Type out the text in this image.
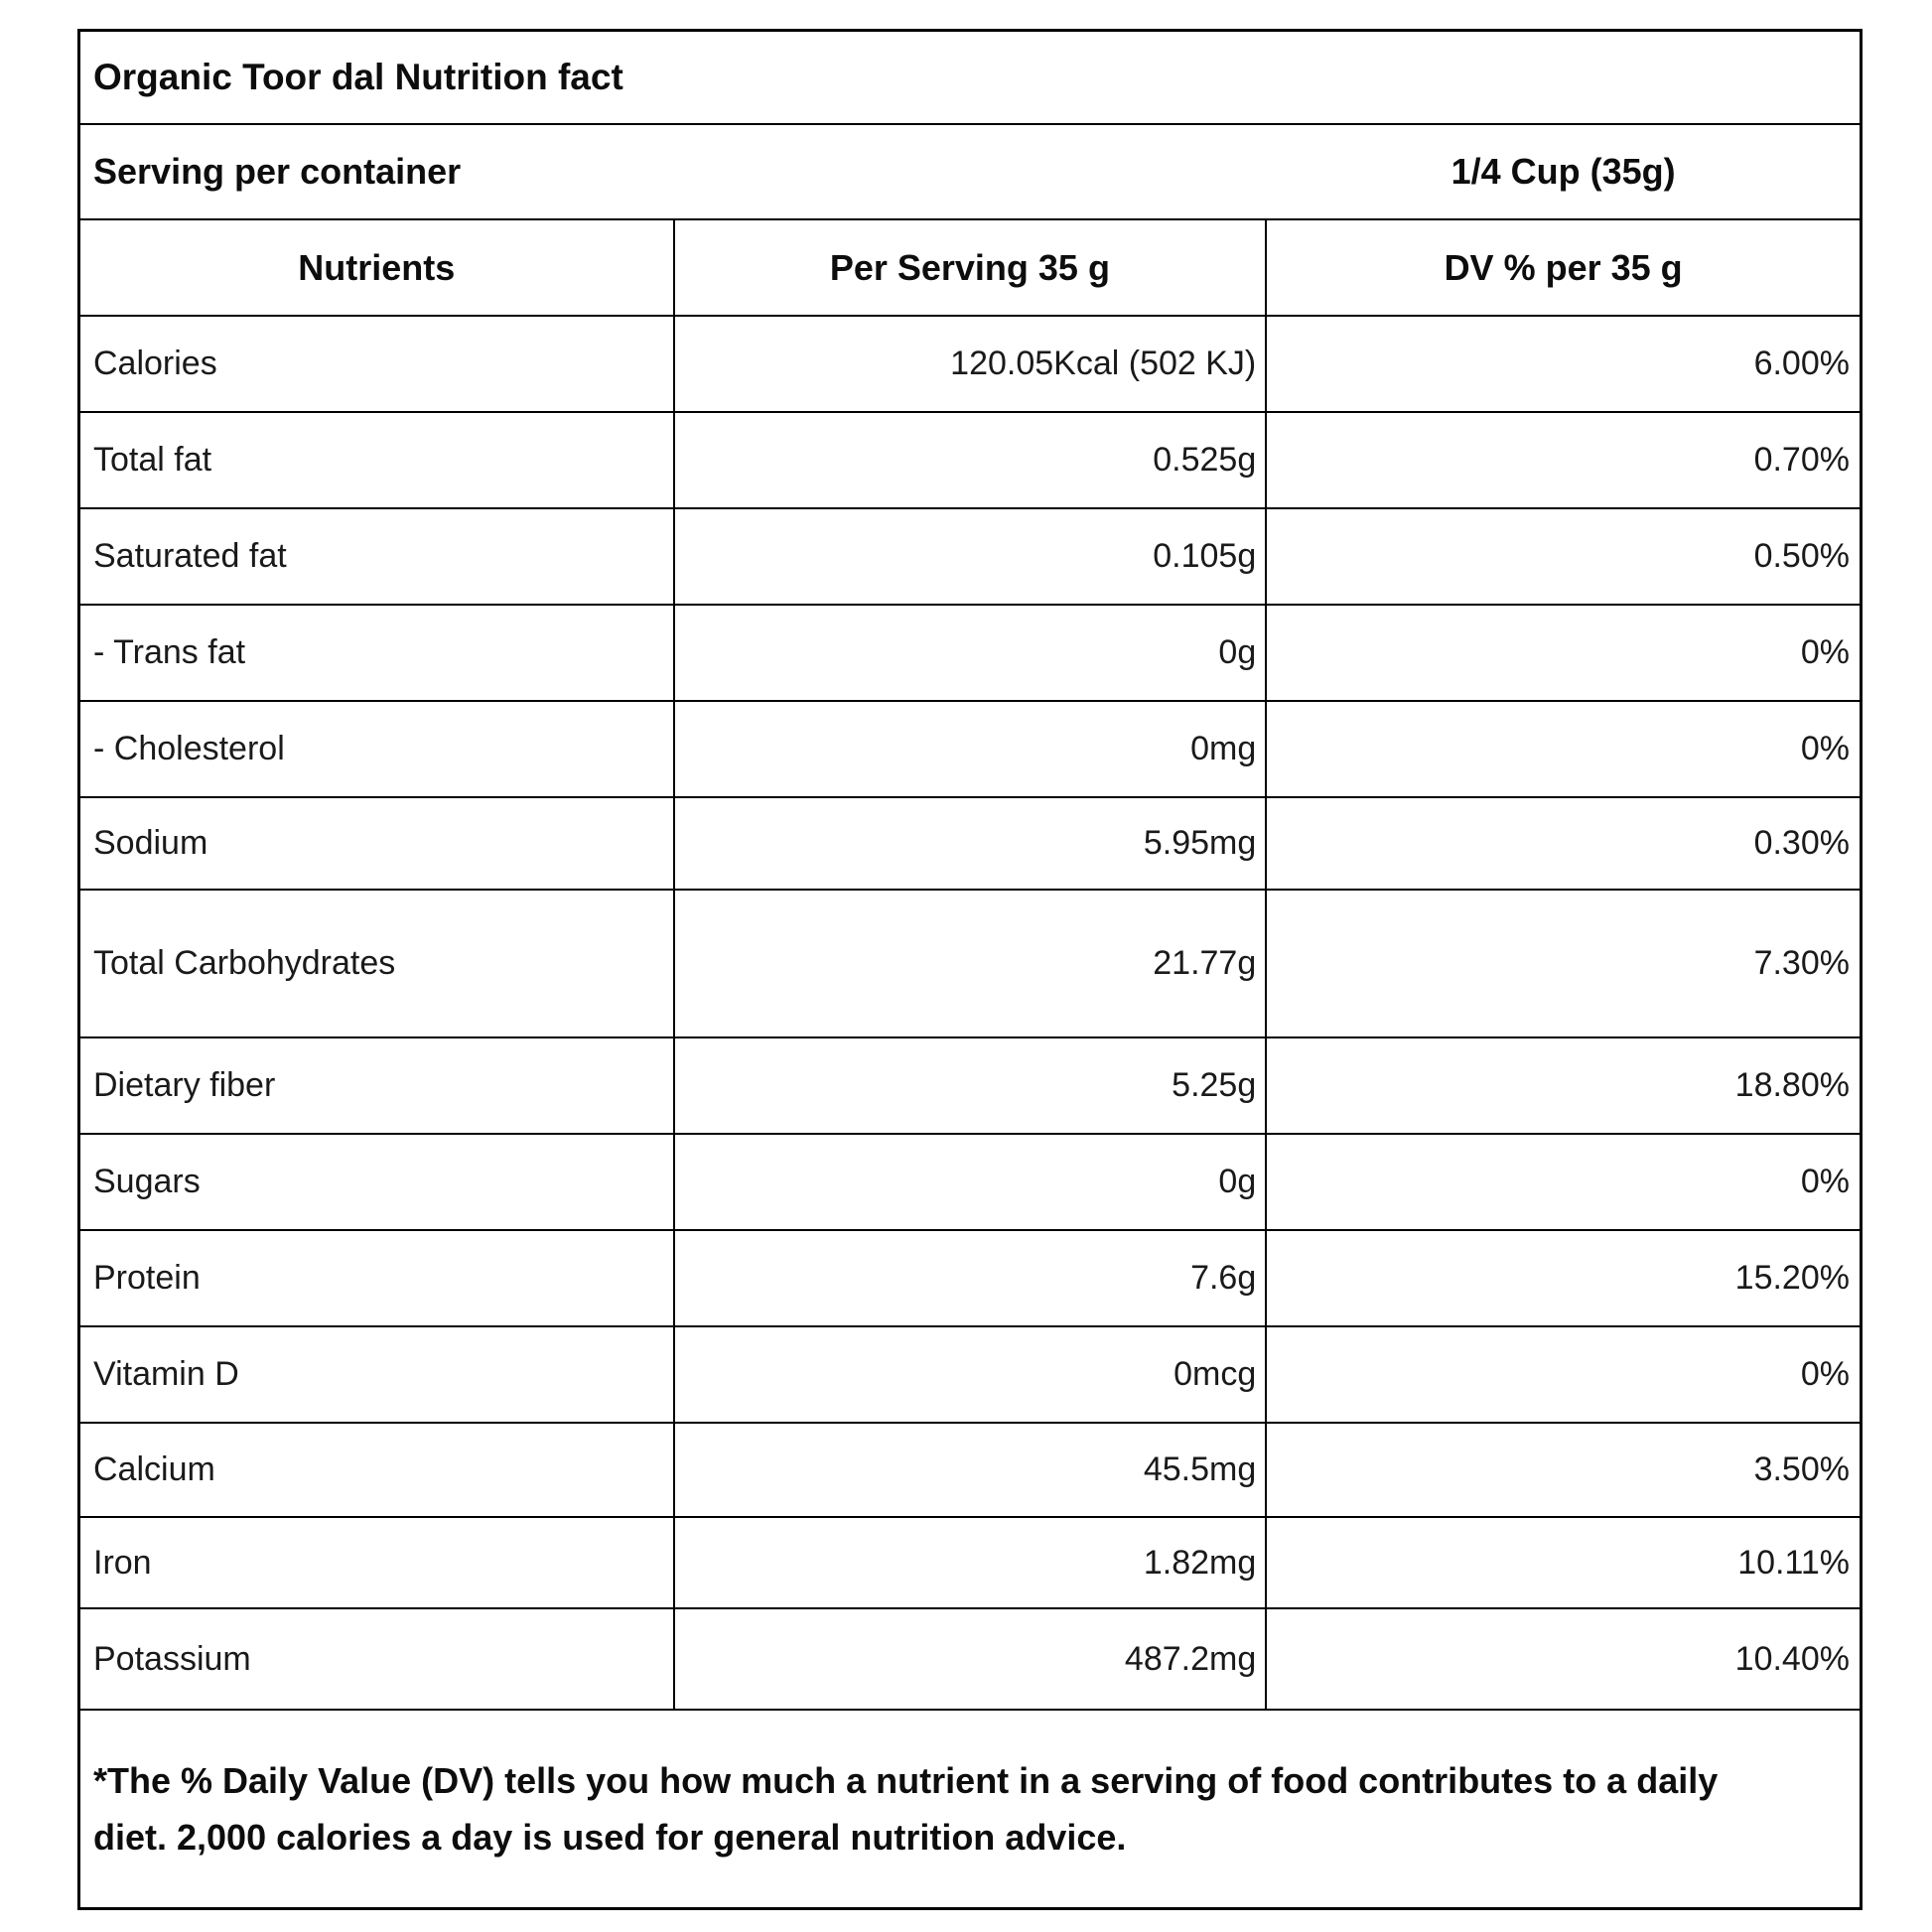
Organic Toor dal Nutrition fact
Serving per container	1/4 Cup (35g)
Nutrients	Per Serving 35 g	DV % per 35 g
Calories	120.05Kcal (502 KJ)	6.00%
Total fat	0.525g	0.70%
Saturated fat	0.105g	0.50%
- Trans fat	0g	0%
- Cholesterol	0mg	0%
Sodium	5.95mg	0.30%
Total Carbohydrates	21.77g	7.30%
Dietary fiber	5.25g	18.80%
Sugars	0g	0%
Protein	7.6g	15.20%
Vitamin D	0mcg	0%
Calcium	45.5mg	3.50%
Iron	1.82mg	10.11%
Potassium	487.2mg	10.40%
*The % Daily Value (DV) tells you how much a nutrient in a serving of food contributes to a daily
diet. 2,000 calories a day is used for general nutrition advice.
